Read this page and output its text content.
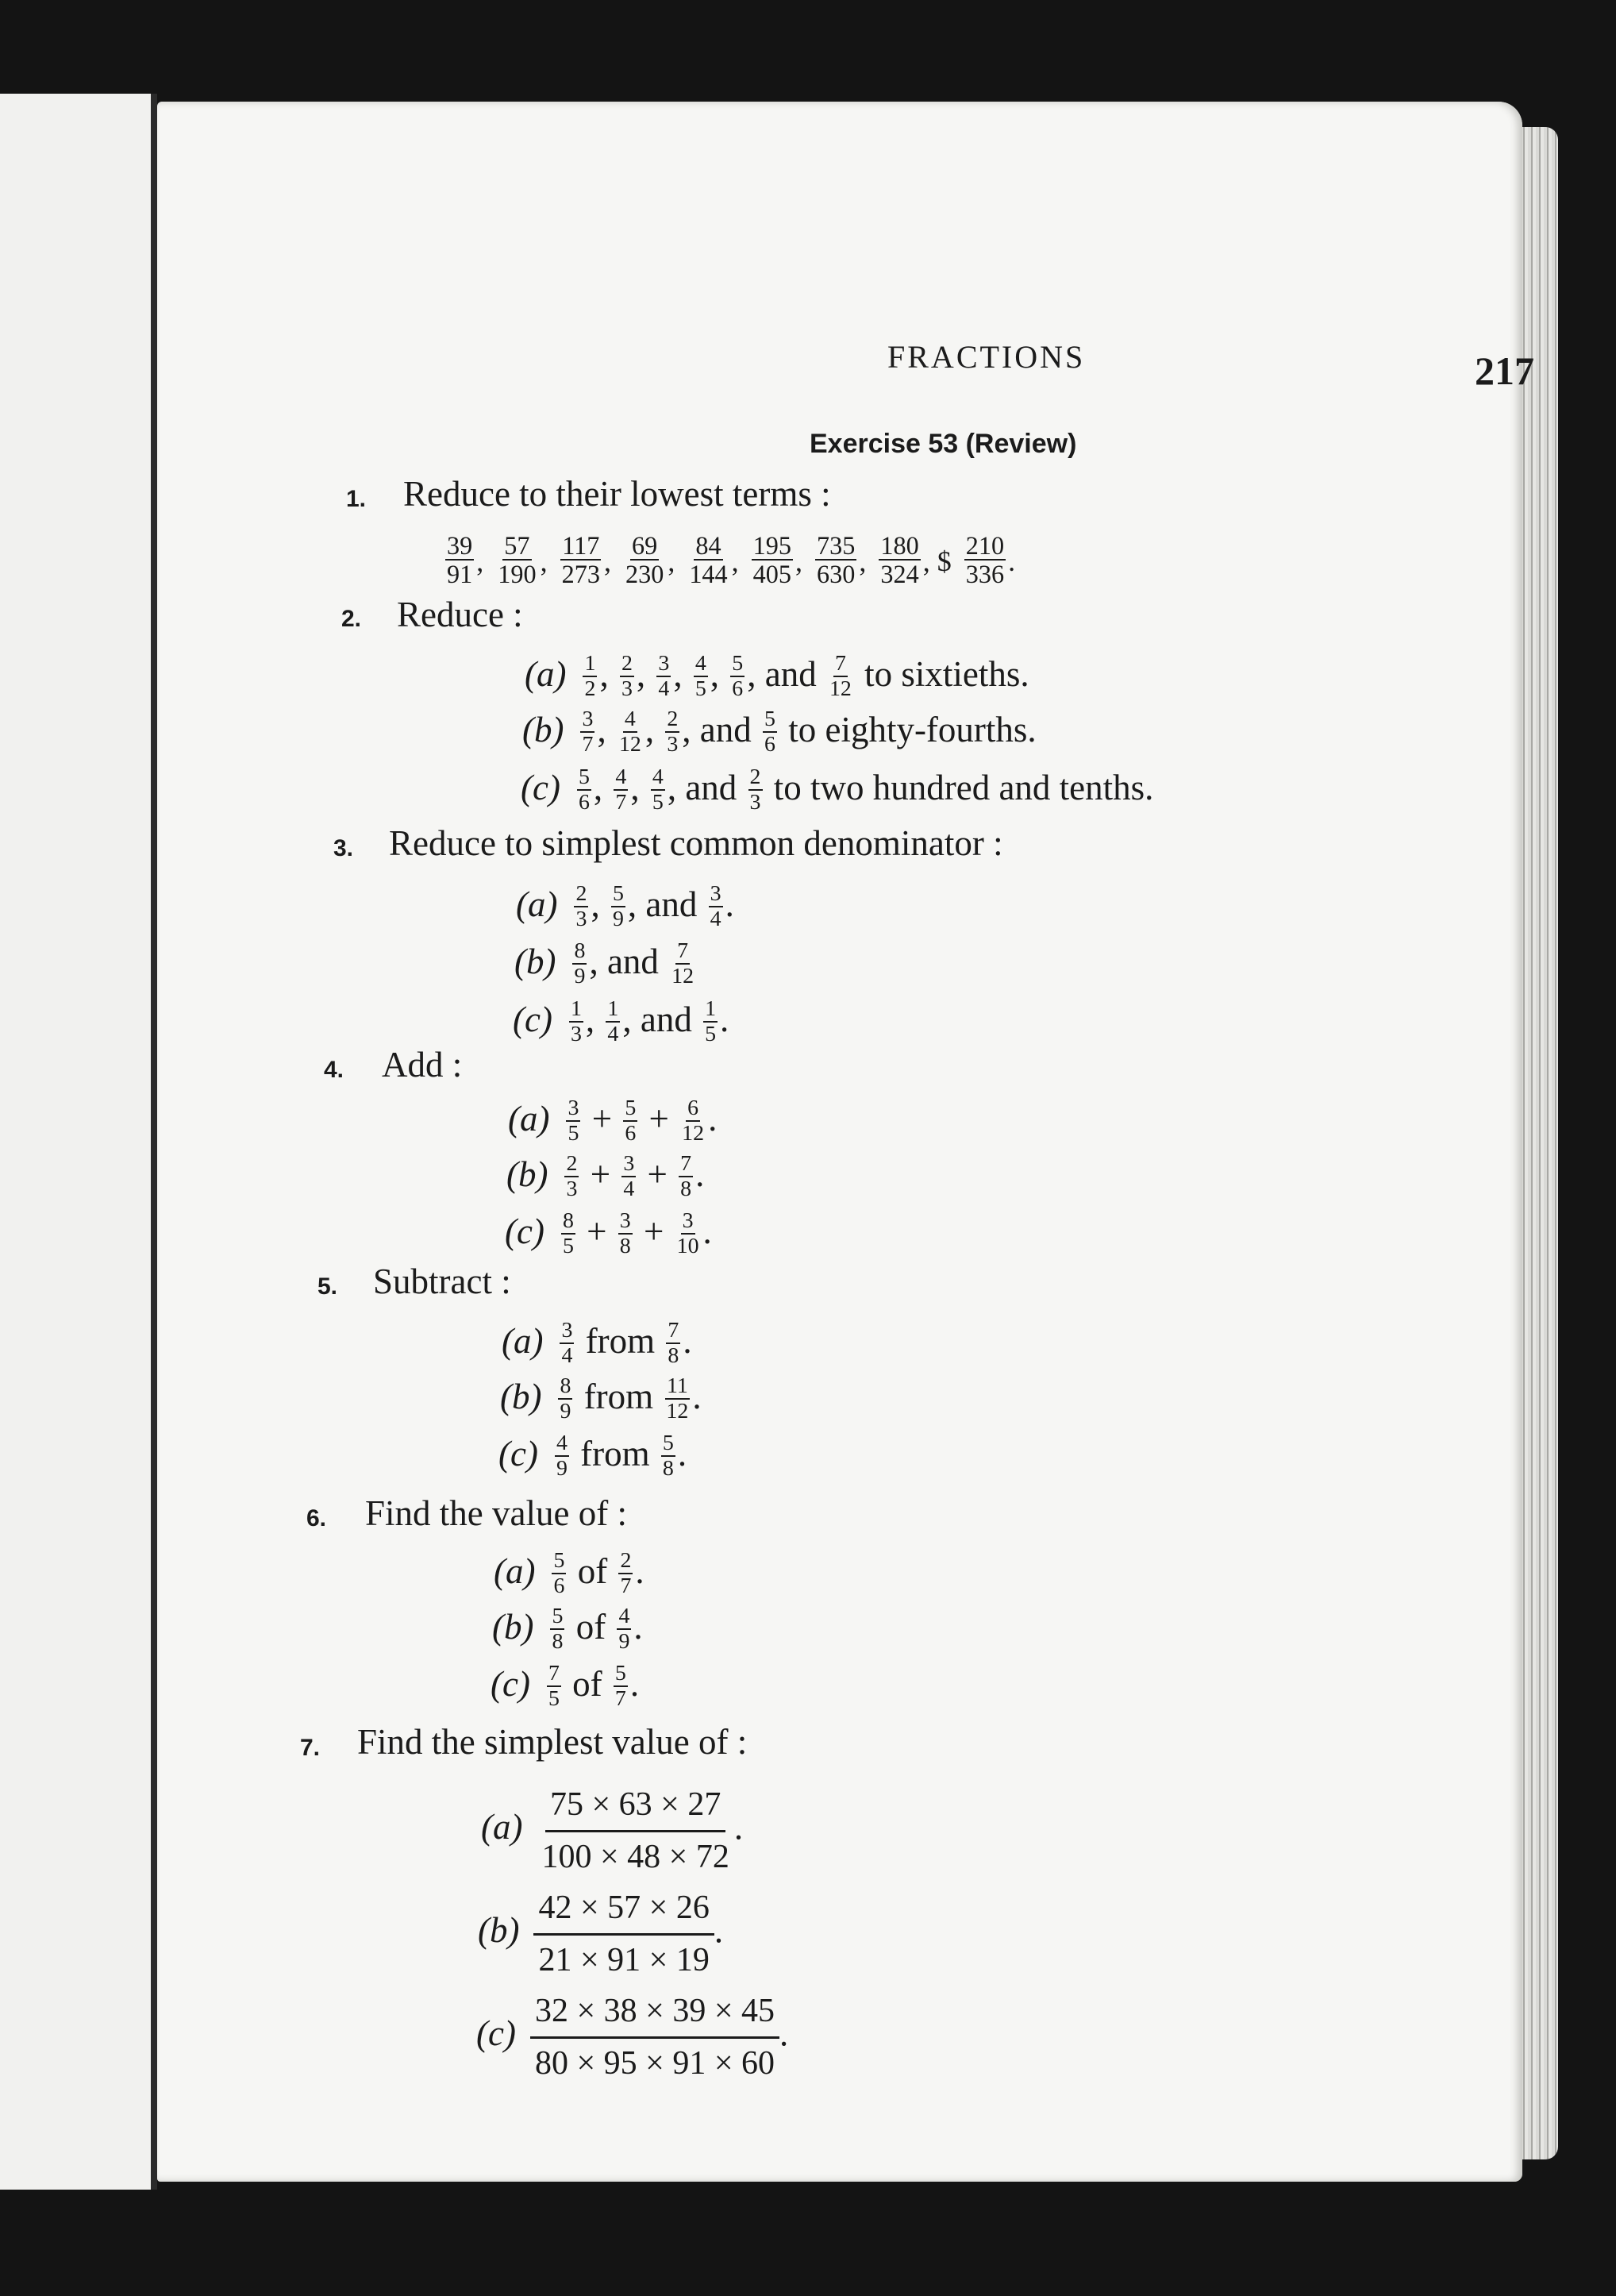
FRACTIONS	217
Exercise 53 (Review)
1. Reduce to their lowest terms :
$\frac{39}{91}$ , $\frac{57}{190}$ , $\frac{117}{273}$ , $\frac{69}{230}$ , $\frac{84}{144}$ , $\frac{195}{405}$ , $\frac{735}{630}$ , $\frac{180}{324}$ , $ $\frac{210}{336}$ .
2. Reduce :
$(a) \frac{1}{2}$ , $\frac{2}{3}$ , $\frac{3}{4}$ , $\frac{4}{5}$ , $\frac{5}{6}$ , and $\frac{7}{12}$ to sixtieths.
$(b) \frac{3}{7}$ , $\frac{4}{12}$ , $\frac{2}{3}$ , and $\frac{5}{6}$ to eighty-fourths.
$(c) \frac{5}{6}$ , $\frac{4}{7}$ , $\frac{4}{5}$ , and $\frac{2}{3}$ to two hundred and tenths.
3. Reduce to simplest common denominator :
$(a) \frac{2}{3}$ , $\frac{5}{9}$ , and $\frac{3}{4}$ .
$(b) \frac{8}{9}$ , and $\frac{7}{12}$
$(c) \frac{1}{3}$ , $\frac{1}{4}$ , and $\frac{1}{5}$ .
4. Add :
$(a) \frac{3}{5} + \frac{5}{6} + \frac{6}{12}$ .
$(b) \frac{2}{3} + \frac{3}{4} + \frac{7}{8}$ .
$(c) \frac{8}{5} + \frac{3}{8} + \frac{3}{10}$ .
5. Subtract :
$(a) \frac{3}{4}$ from $\frac{7}{8}$ .
$(b) \frac{8}{9}$ from $\frac{11}{12}$ .
$(c) \frac{4}{9}$ from $\frac{5}{8}$ .
6. Find the value of :
$(a) \frac{5}{6}$ of $\frac{2}{7}$ .
$(b) \frac{5}{8}$ of $\frac{4}{9}$ .
$(c) \frac{7}{5}$ of $\frac{5}{7}$ .
7. Find the simplest value of :
$(a) \frac{75 \times 63 \times 27}{100 \times 48 \times 72}$ .
$(b) \frac{42 \times 57 \times 26}{21 \times 91 \times 19}$ .
$(c) \frac{32 \times 38 \times 39 \times 45}{80 \times 95 \times 91 \times 60}$ .
